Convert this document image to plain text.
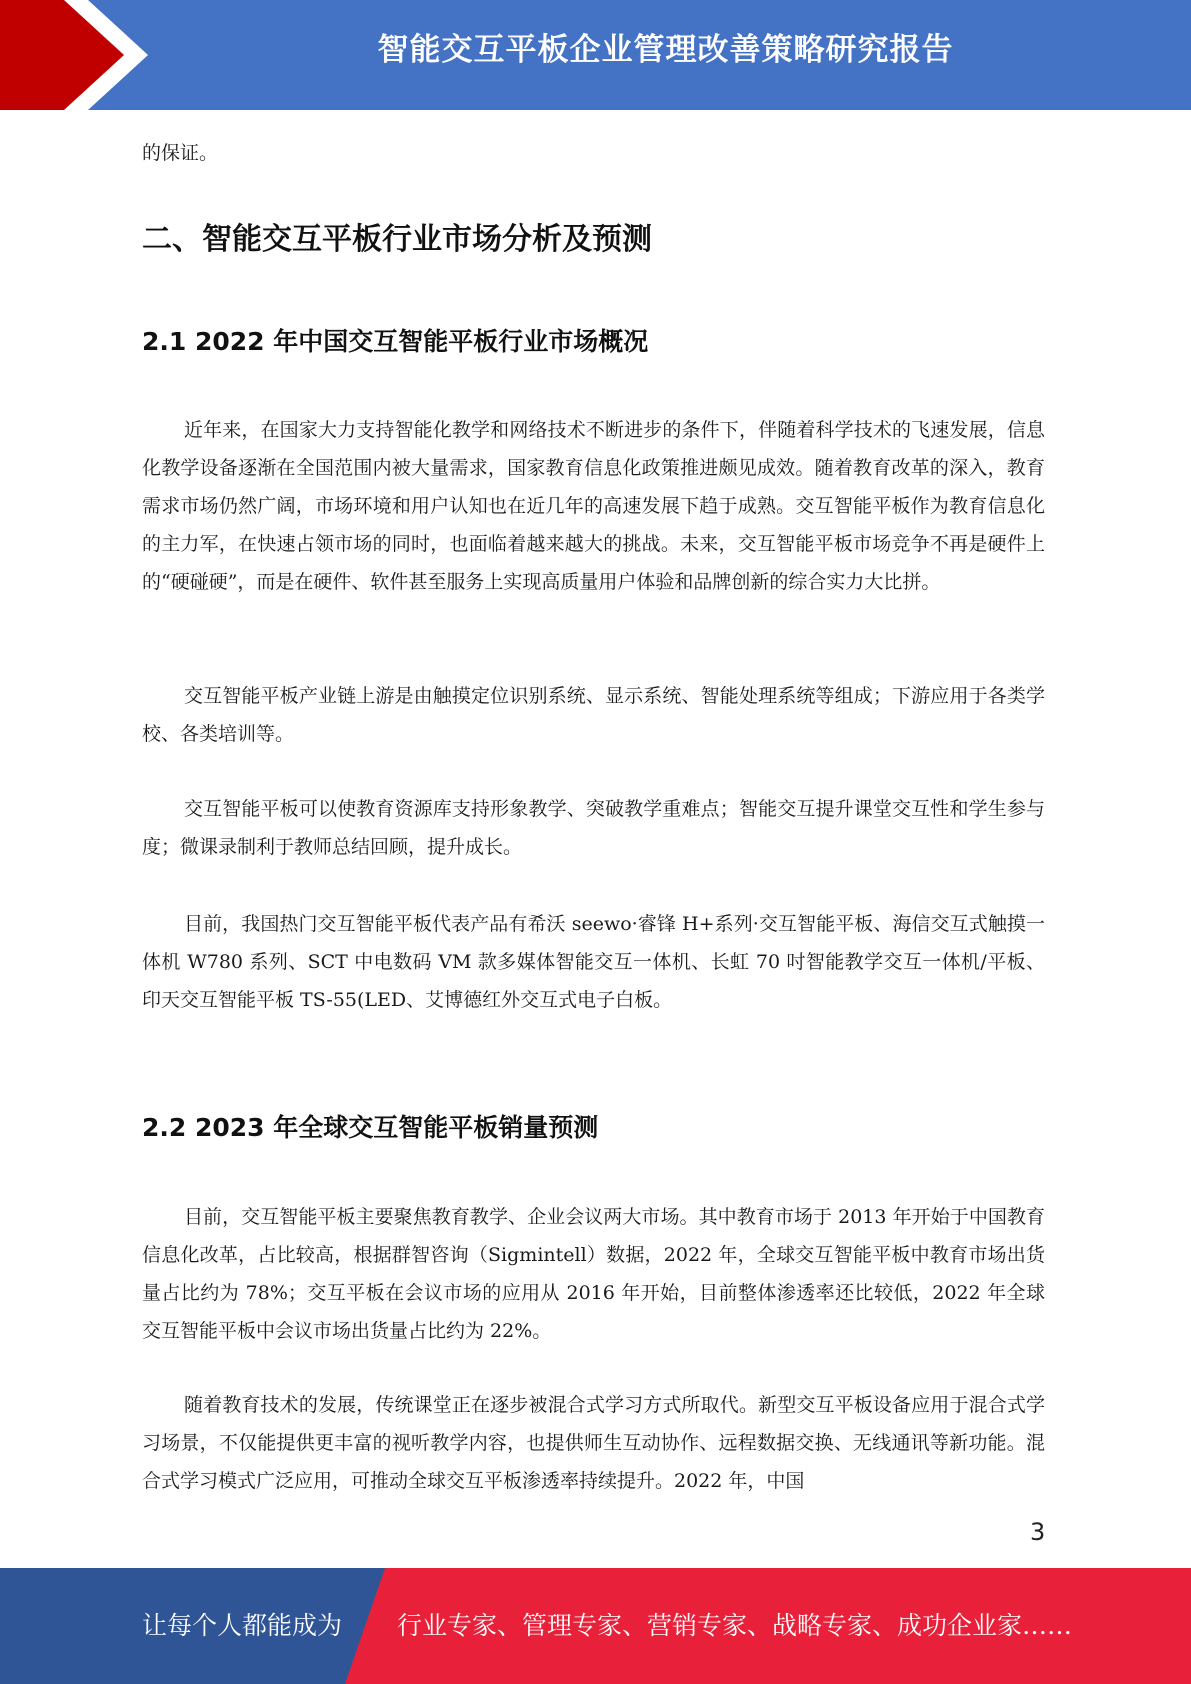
智能交互平板企业管理改善策略研究报告

的保证。

二、智能交互平板行业市场分析及预测
2.1 2022 年中国交互智能平板行业市场概况

近年来，在国家大力支持智能化教学和网络技术不断进步的条件下，伴随着科学技术的飞速发展，信息化教学设备逐渐在全国范围内被大量需求，国家教育信息化政策推进颇见成效。随着教育改革的深入，教育需求市场仍然广阔，市场环境和用户认知也在近几年的高速发展下趋于成熟。交互智能平板作为教育信息化的主力军，在快速占领市场的同时，也面临着越来越大的挑战。未来，交互智能平板市场竞争不再是硬件上的“硬碰硬”，而是在硬件、软件甚至服务上实现高质量用户体验和品牌创新的综合实力大比拼。

交互智能平板产业链上游是由触摸定位识别系统、显示系统、智能处理系统等组成；下游应用于各类学校、各类培训等。

交互智能平板可以使教育资源库支持形象教学、突破教学重难点；智能交互提升课堂交互性和学生参与度；微课录制利于教师总结回顾，提升成长。

目前，我国热门交互智能平板代表产品有希沃 seewo·睿锋 H+系列·交互智能平板、海信交互式触摸一体机 W780 系列、SCT 中电数码 VM 款多媒体智能交互一体机、长虹 70 吋智能教学交互一体机/平板、印天交互智能平板 TS-55(LED、艾博德红外交互式电子白板。

2.2 2023 年全球交互智能平板销量预测

目前，交互智能平板主要聚焦教育教学、企业会议两大市场。其中教育市场于 2013 年开始于中国教育信息化改革，占比较高，根据群智咨询（Sigmintell）数据，2022 年，全球交互智能平板中教育市场出货量占比约为 78%；交互平板在会议市场的应用从 2016 年开始，目前整体渗透率还比较低，2022 年全球交互智能平板中会议市场出货量占比约为 22%。

随着教育技术的发展，传统课堂正在逐步被混合式学习方式所取代。新型交互平板设备应用于混合式学习场景，不仅能提供更丰富的视听教学内容，也提供师生互动协作、远程数据交换、无线通讯等新功能。混合式学习模式广泛应用，可推动全球交互平板渗透率持续提升。2022 年，中国

3
让每个人都能成为 行业专家、管理专家、营销专家、战略专家、成功企业家……
